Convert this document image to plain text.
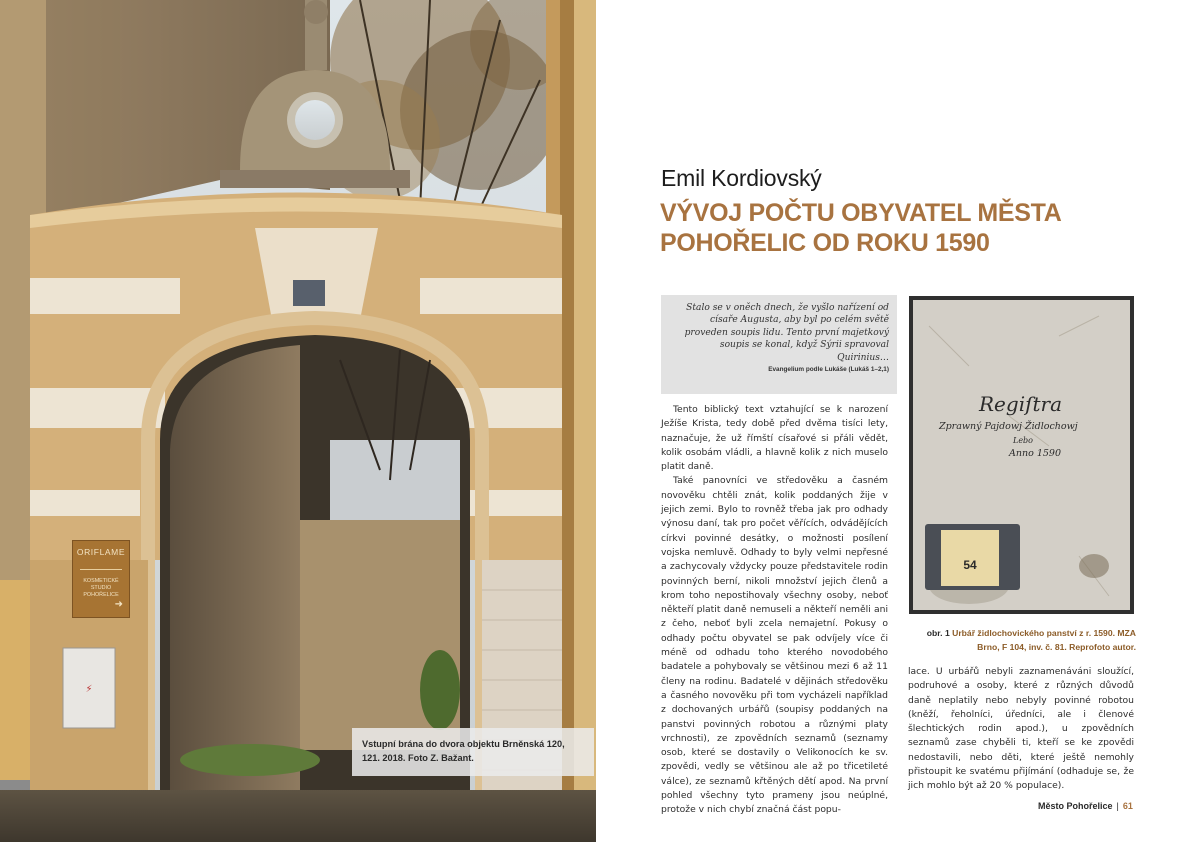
⚡
ORIFLAME
KOSMETICKÉ STUDIO
POHOŘELICE
➜

Vstupní brána do dvora objektu Brněnská 120, 121. 2018. Foto Z. Bažant.

Emil Kordiovský
VÝVOJ POČTU OBYVATEL MĚSTA
POHOŘELIC OD ROKU 1590

Stalo se v oněch dnech, že vyšlo nařízení od císaře Augusta, aby byl po celém světě proveden soupis lidu. Tento první majetkový soupis se konal, když Sýrii spravoval Quirinius…

Evangelium podle Lukáše (Lukáš 1–2,1)

Tento biblický text vztahující se k narození Ježíše Krista, tedy době před dvěma tisíci lety, naznačuje, že už římští císařové si přáli vědět, kolik osobám vládli, a hlavně kolik z nich muselo platit daně.

Také panovníci ve středověku a časném novověku chtěli znát, kolik poddaných žije v jejich zemi. Bylo to rovněž třeba jak pro odhady výnosu daní, tak pro počet věřících, odvádějících církvi povinné desátky, o možnosti posílení vojska nemluvě. Odhady to byly velmi nepřesné a zachycovaly vždycky pouze představitele rodin povinných berní, nikoli množství jejich členů a krom toho nepostihovaly všechny osoby, neboť někteří platit daně nemuseli a někteří neměli ani z čeho, neboť byli zcela nemajetní. Pokusy o odhady počtu obyvatel se pak odvíjely více či méně od odhadu toho kterého novodobého badatele a pohybovaly se většinou mezi 6 až 11 členy na rodinu. Badatelé v dějinách středověku a časného novověku při tom vycházeli například z dochovaných urbářů (soupisy poddaných na panstvi povinných robotou a různými platy vrchnosti), ze zpovědních seznamů (seznamy osob, které se dostavily o Velikonocích ke sv. zpovědi, vedly se většinou ale až po třicetileté válce), ze seznamů křtěných dětí apod. Na první pohled všechny tyto prameny jsou neúplné, protože v nich chybí značná část popu-

Regiſtra
Zprawný Pajdowj Židlochowj
Lebo
Anno 1590
54

obr. 1 Urbář židlochovického panství z r. 1590. MZA Brno, F 104, inv. č. 81. Reprofoto autor.

lace. U urbářů nebyli zaznamenáváni sloužící, podruhové a osoby, které z různých důvodů daně neplatily nebo nebyly povinné robotou (kněží, řeholníci, úředníci, ale i členové šlechtických rodin apod.), u zpovědních seznamů zase chyběli ti, kteří se ke zpovědi nedostavili, nebo děti, které ještě nemohly přistoupit ke svatému přijímání (odhaduje se, že jich mohlo být až 20 % populace).

Město Pohořelice | 61
